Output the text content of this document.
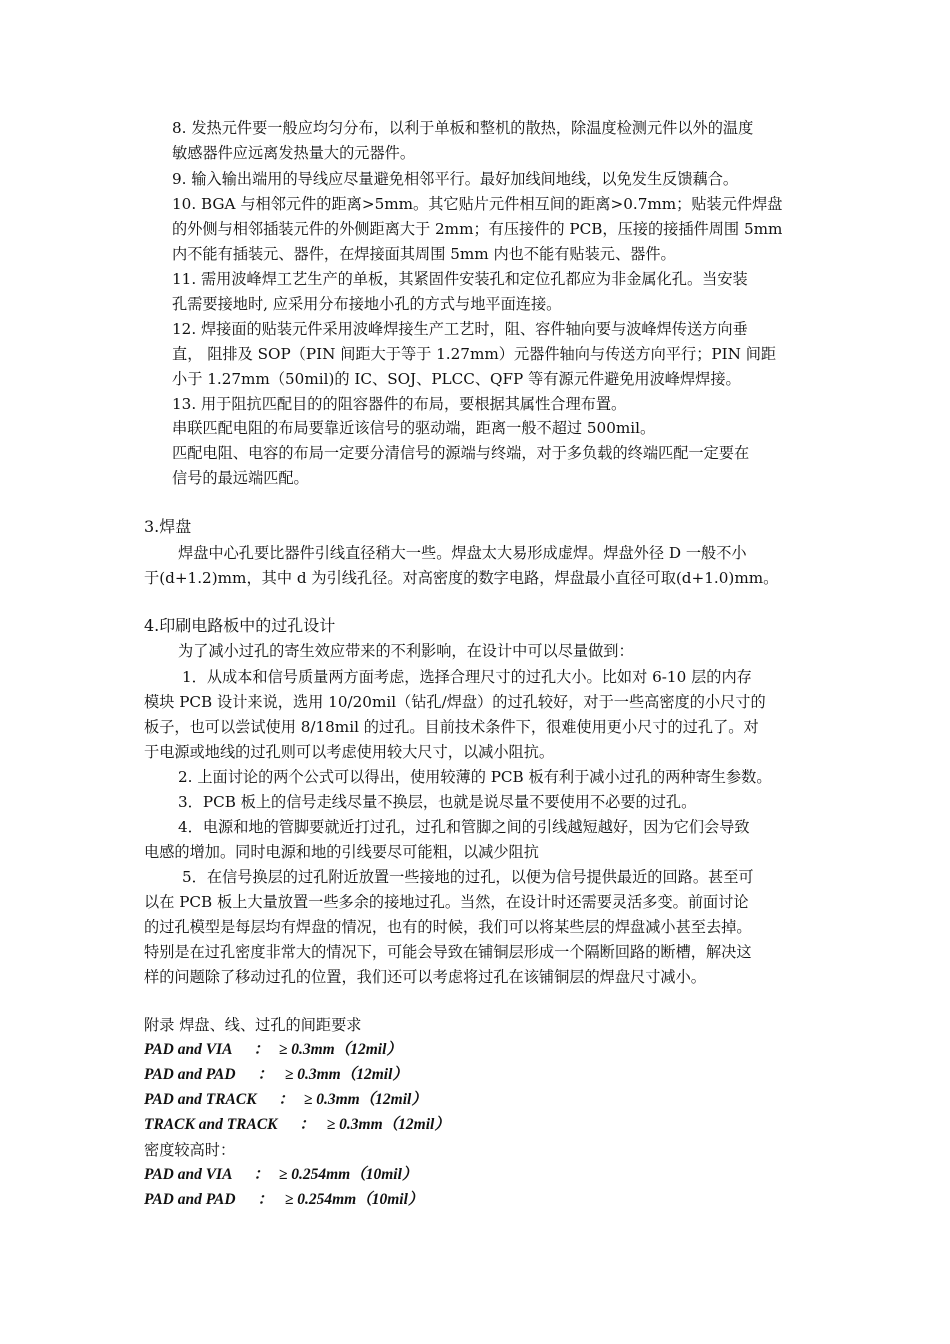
8. 发热元件要一般应均匀分布，以利于单板和整机的散热，除温度检测元件以外的温度
敏感器件应远离发热量大的元器件。
9. 输入输出端用的导线应尽量避免相邻平行。最好加线间地线，以免发生反馈藕合。
10. BGA 与相邻元件的距离>5mm。其它贴片元件相互间的距离>0.7mm；贴装元件焊盘
的外侧与相邻插装元件的外侧距离大于 2mm；有压接件的 PCB，压接的接插件周围 5mm
内不能有插装元、器件，在焊接面其周围 5mm 内也不能有贴装元、器件。
11. 需用波峰焊工艺生产的单板，其紧固件安装孔和定位孔都应为非金属化孔。当安装
孔需要接地时, 应采用分布接地小孔的方式与地平面连接。
12. 焊接面的贴装元件采用波峰焊接生产工艺时，阻、容件轴向要与波峰焊传送方向垂
直， 阻排及 SOP（PIN 间距大于等于 1.27mm）元器件轴向与传送方向平行；PIN 间距
小于 1.27mm（50mil)的 IC、SOJ、PLCC、QFP 等有源元件避免用波峰焊焊接。
13. 用于阻抗匹配目的的阻容器件的布局，要根据其属性合理布置。
串联匹配电阻的布局要靠近该信号的驱动端，距离一般不超过 500mil。
匹配电阻、电容的布局一定要分清信号的源端与终端，对于多负载的终端匹配一定要在
信号的最远端匹配。
3.焊盘
焊盘中心孔要比器件引线直径稍大一些。焊盘太大易形成虚焊。焊盘外径 D 一般不小
于(d+1.2)mm，其中 d 为引线孔径。对高密度的数字电路，焊盘最小直径可取(d+1.0)mm。
4.印刷电路板中的过孔设计
为了减小过孔的寄生效应带来的不利影响，在设计中可以尽量做到：
1．从成本和信号质量两方面考虑，选择合理尺寸的过孔大小。比如对 6-10 层的内存
模块 PCB 设计来说，选用 10/20mil（钻孔/焊盘）的过孔较好，对于一些高密度的小尺寸的
板子，也可以尝试使用 8/18mil 的过孔。目前技术条件下，很难使用更小尺寸的过孔了。对
于电源或地线的过孔则可以考虑使用较大尺寸，以减小阻抗。
2. 上面讨论的两个公式可以得出，使用较薄的 PCB 板有利于减小过孔的两种寄生参数。
3．PCB 板上的信号走线尽量不换层，也就是说尽量不要使用不必要的过孔。
4．电源和地的管脚要就近打过孔，过孔和管脚之间的引线越短越好，因为它们会导致
电感的增加。同时电源和地的引线要尽可能粗，以减少阻抗
5．在信号换层的过孔附近放置一些接地的过孔，以便为信号提供最近的回路。甚至可
以在 PCB 板上大量放置一些多余的接地过孔。当然，在设计时还需要灵活多变。前面讨论
的过孔模型是每层均有焊盘的情况，也有的时候，我们可以将某些层的焊盘减小甚至去掉。
特别是在过孔密度非常大的情况下，可能会导致在铺铜层形成一个隔断回路的断槽，解决这
样的问题除了移动过孔的位置，我们还可以考虑将过孔在该铺铜层的焊盘尺寸减小。
附录 焊盘、线、过孔的间距要求
PAD and VIA ： ≥ 0.3mm（12mil）
PAD and PAD ： ≥ 0.3mm（12mil）
PAD and TRACK ： ≥ 0.3mm（12mil）
TRACK and TRACK ： ≥ 0.3mm（12mil）
密度较高时：
PAD and VIA ： ≥ 0.254mm（10mil）
PAD and PAD ： ≥ 0.254mm（10mil）
